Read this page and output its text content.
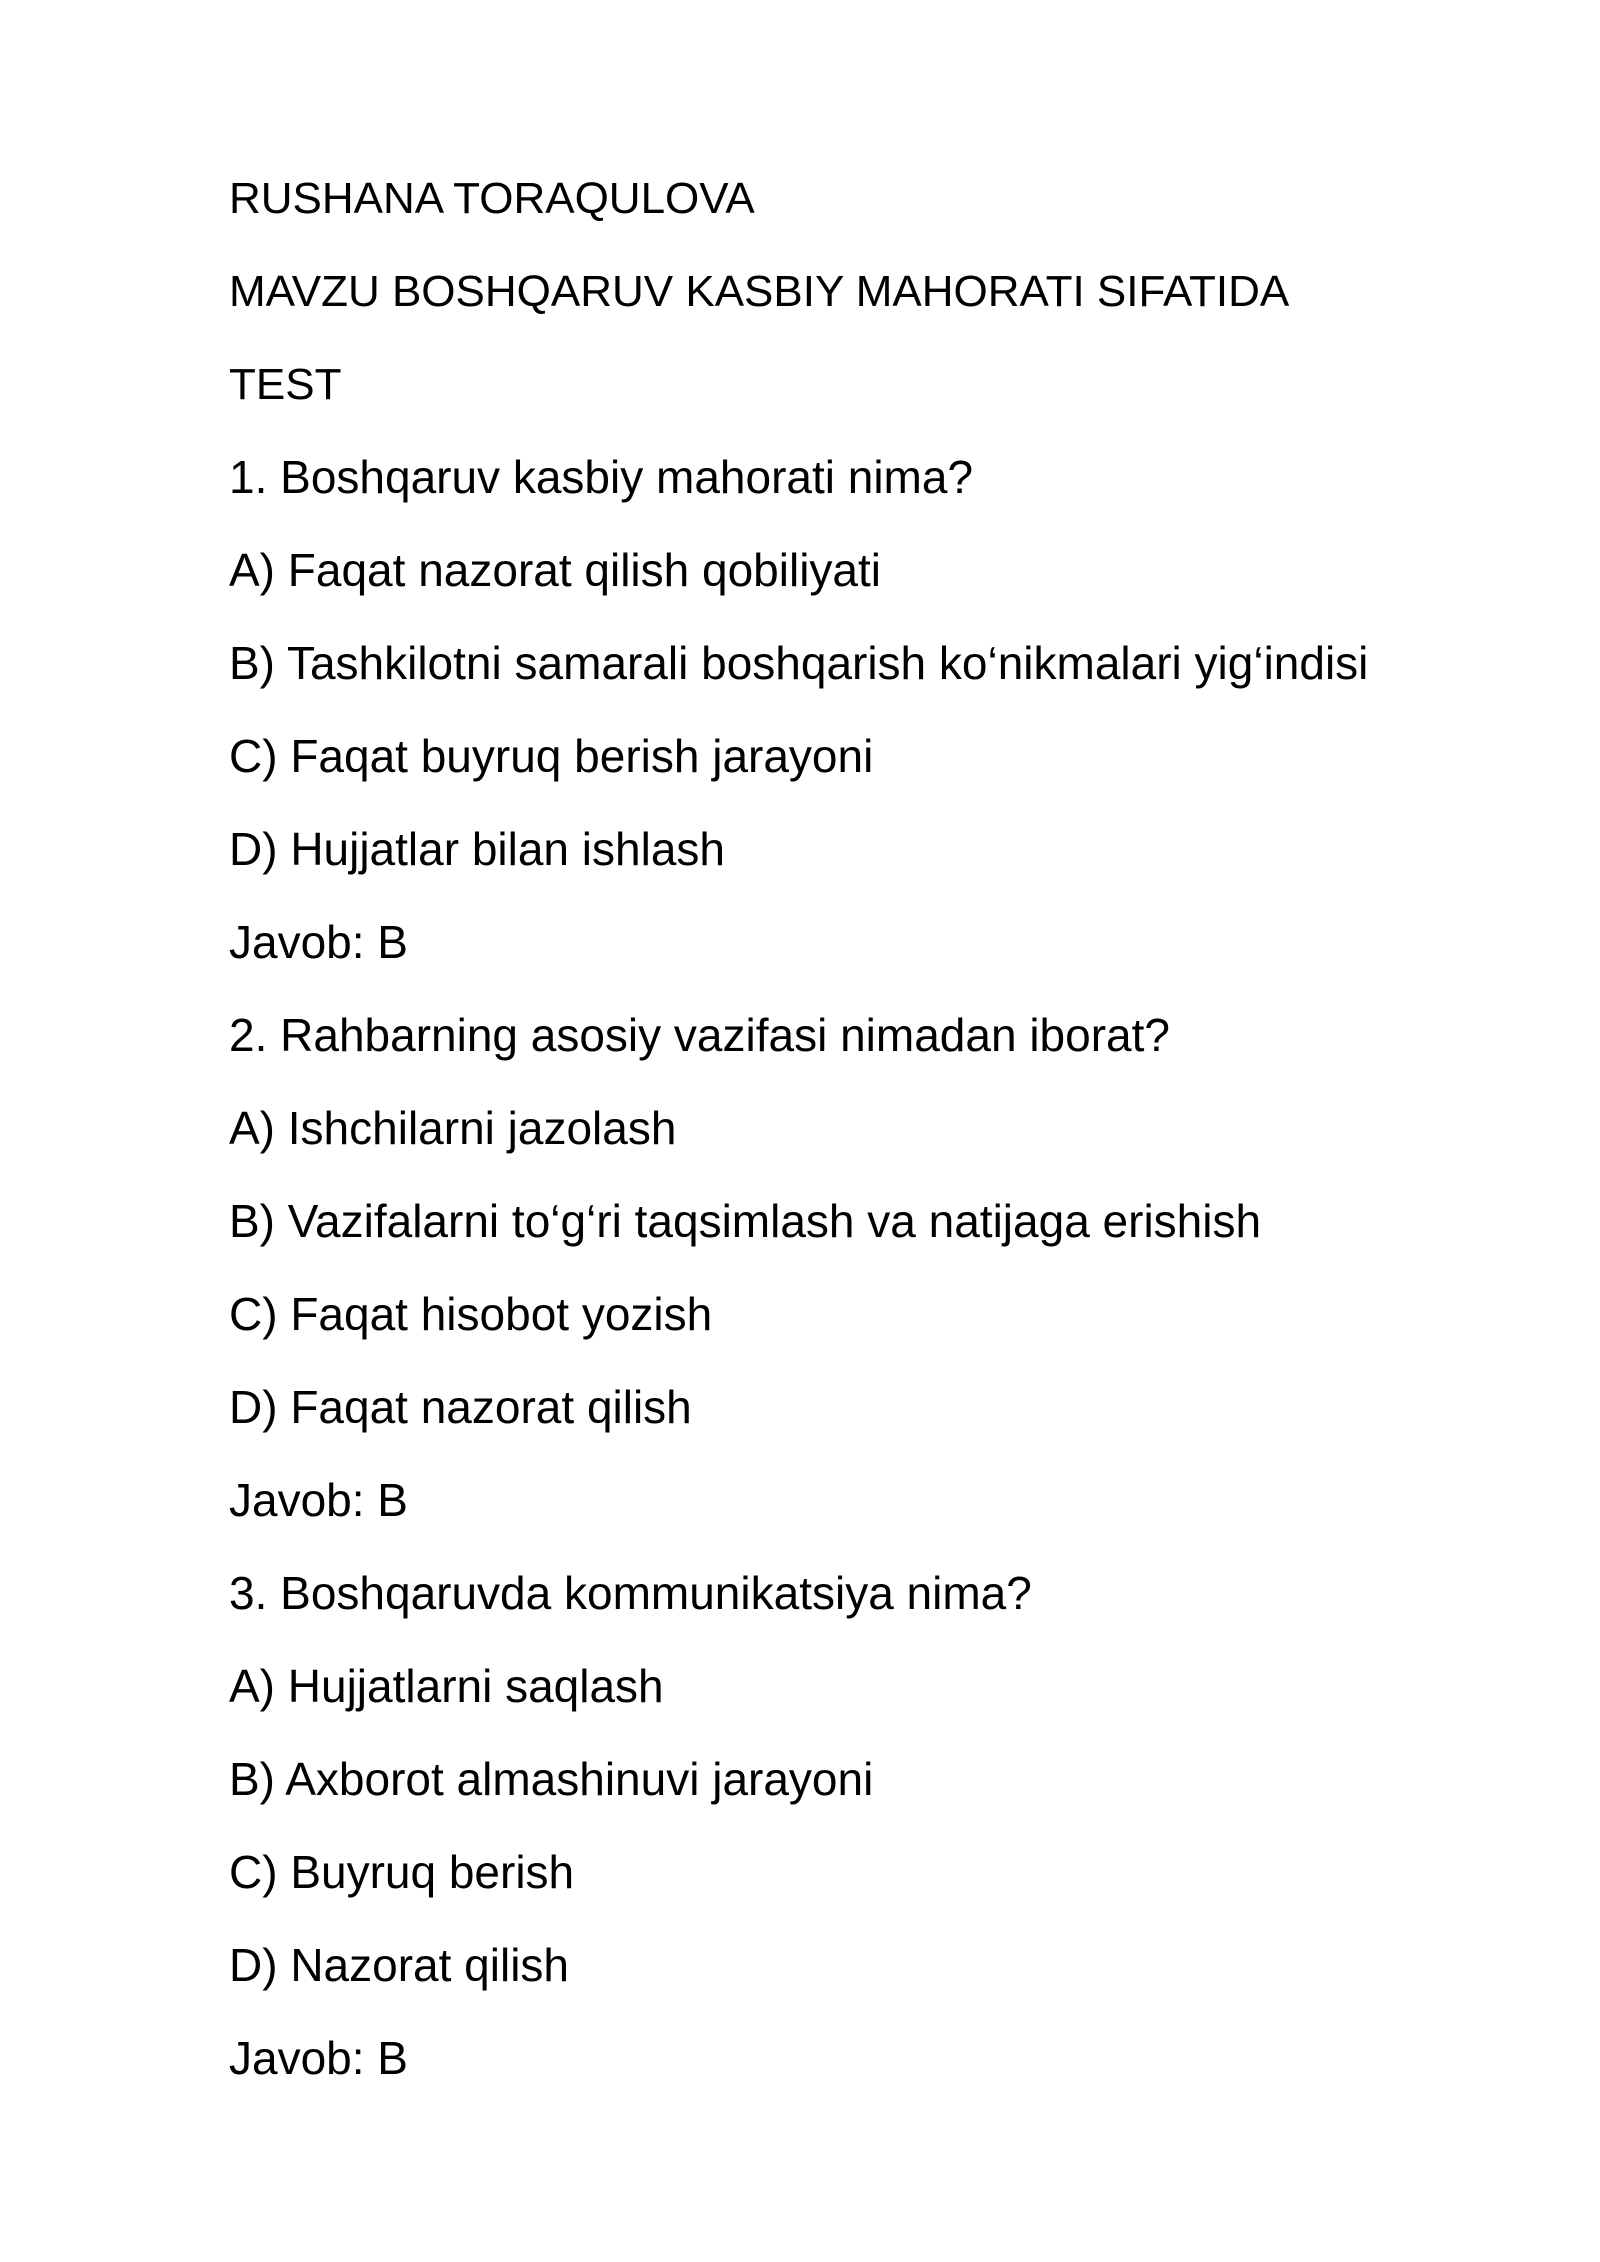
RUSHANA TORAQULOVA

MAVZU BOSHQARUV KASBIY MAHORATI SIFATIDA

TEST

1. Boshqaruv kasbiy mahorati nima?

A) Faqat nazorat qilish qobiliyati

B) Tashkilotni samarali boshqarish ko‘nikmalari yig‘indisi

C) Faqat buyruq berish jarayoni

D) Hujjatlar bilan ishlash

Javob: B

2. Rahbarning asosiy vazifasi nimadan iborat?

A) Ishchilarni jazolash

B) Vazifalarni to‘g‘ri taqsimlash va natijaga erishish

C) Faqat hisobot yozish

D) Faqat nazorat qilish

Javob: B

3. Boshqaruvda kommunikatsiya nima?

A) Hujjatlarni saqlash

B) Axborot almashinuvi jarayoni

C) Buyruq berish

D) Nazorat qilish

Javob: B
